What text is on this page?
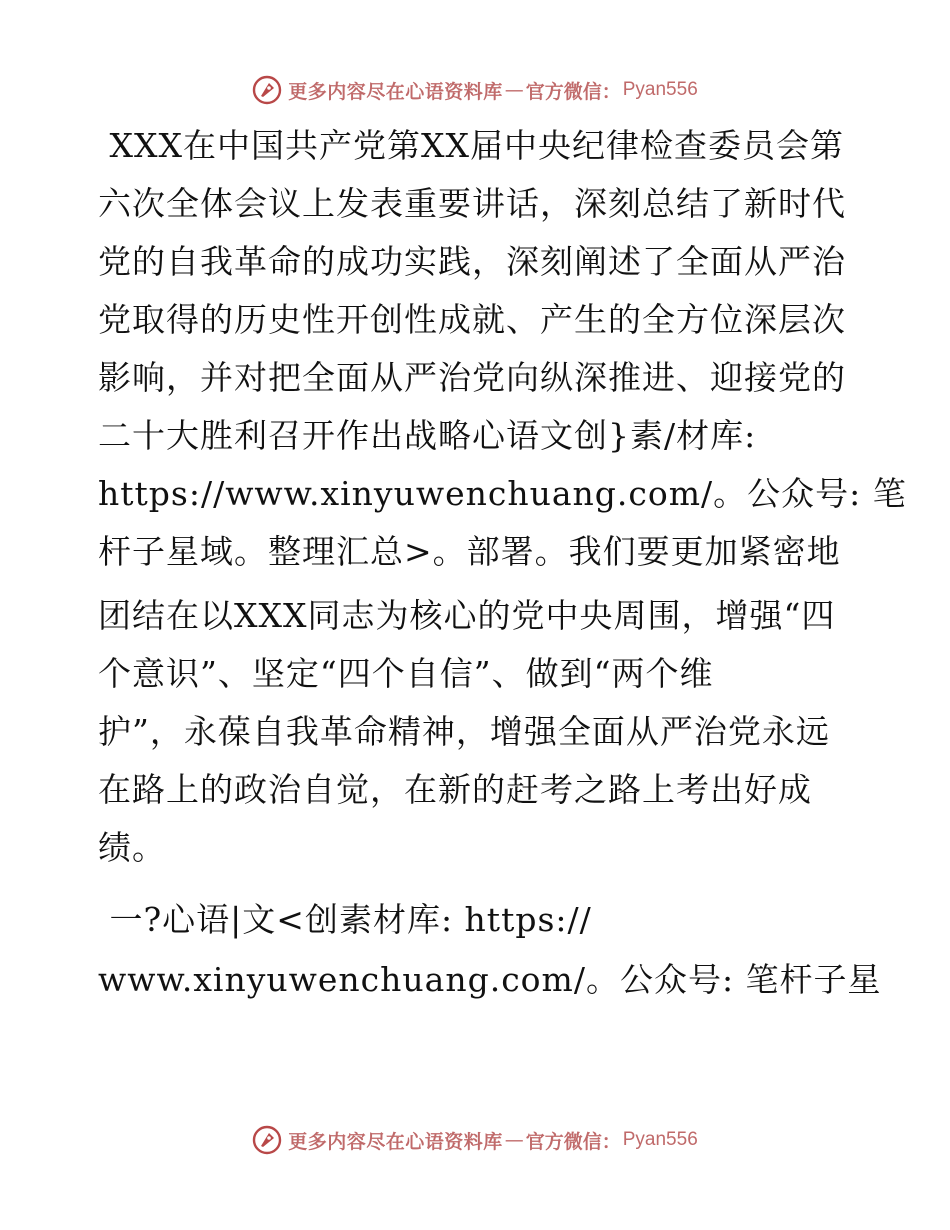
更多内容尽在心语资料库 — 官方微信： Pyan556
XXX在中国共产党第XX届中央纪律检查委员会第
六次全体会议上发表重要讲话，深刻总结了新时代
党的自我革命的成功实践，深刻阐述了全面从严治
党取得的历史性开创性成就、产生的全方位深层次
影响，并对把全面从严治党向纵深推进、迎接党的
二十大胜利召开作出战略心语文创}素/材库:
https://www.xinyuwenchuang.com/。公众号: 笔
杆子星域。整理汇总>。部署。我们要更加紧密地
团结在以XXX同志为核心的党中央周围，增强“四
个意识”、坚定“四个自信”、做到“两个维
护”，永葆自我革命精神，增强全面从严治党永远
在路上的政治自觉，在新的赶考之路上考出好成
绩。
一?心语|文<创素材库: https://
www.xinyuwenchuang.com/。公众号: 笔杆子星
更多内容尽在心语资料库 — 官方微信： Pyan556
